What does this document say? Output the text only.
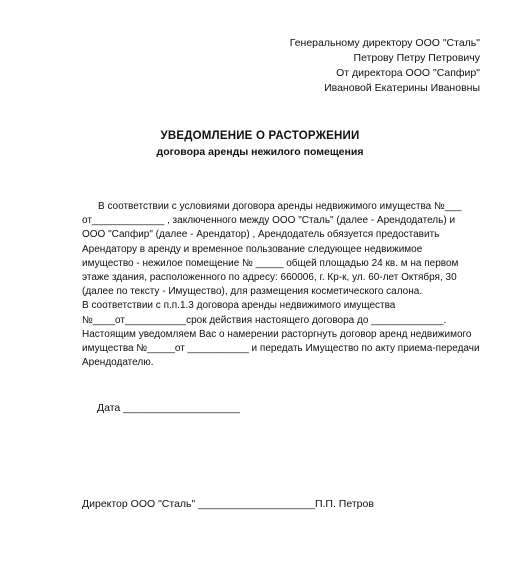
Генеральному директору ООО "Сталь"
Петрову Петру Петровичу
От директора ООО "Сапфир"
Ивановой Екатерины Ивановны
УВЕДОМЛЕНИЕ О РАСТОРЖЕНИИ
договора аренды нежилого помещения
В соответствии с условиями договора аренды недвижимого имущества №___
от_____________ , заключенного между ООО "Сталь" (далее - Арендодатель) и
ООО "Сапфир" (далее - Арендатор) , Арендодатель обязуется предоставить
Арендатору в аренду и временное пользование следующее недвижимое
имущество - нежилое помещение № _____ общей площадью 24 кв. м на первом
этаже здания, расположенного по адресу: 660006, г. Кр-к, ул. 60-лет Октября, 30
(далее по тексту - Имущество), для размещения косметического салона.
В соответствии с п.п.1.3 договора аренды недвижимого имущества
№____от___________срок действия настоящего договора до _____________.
Настоящим уведомляем Вас о намерении расторгнуть договор аренд недвижимого
имущества №_____от ___________ и передать Имущество по акту приема-передачи
Арендодателю.
Дата ____________________
Директор ООО "Сталь" ____________________П.П. Петров
